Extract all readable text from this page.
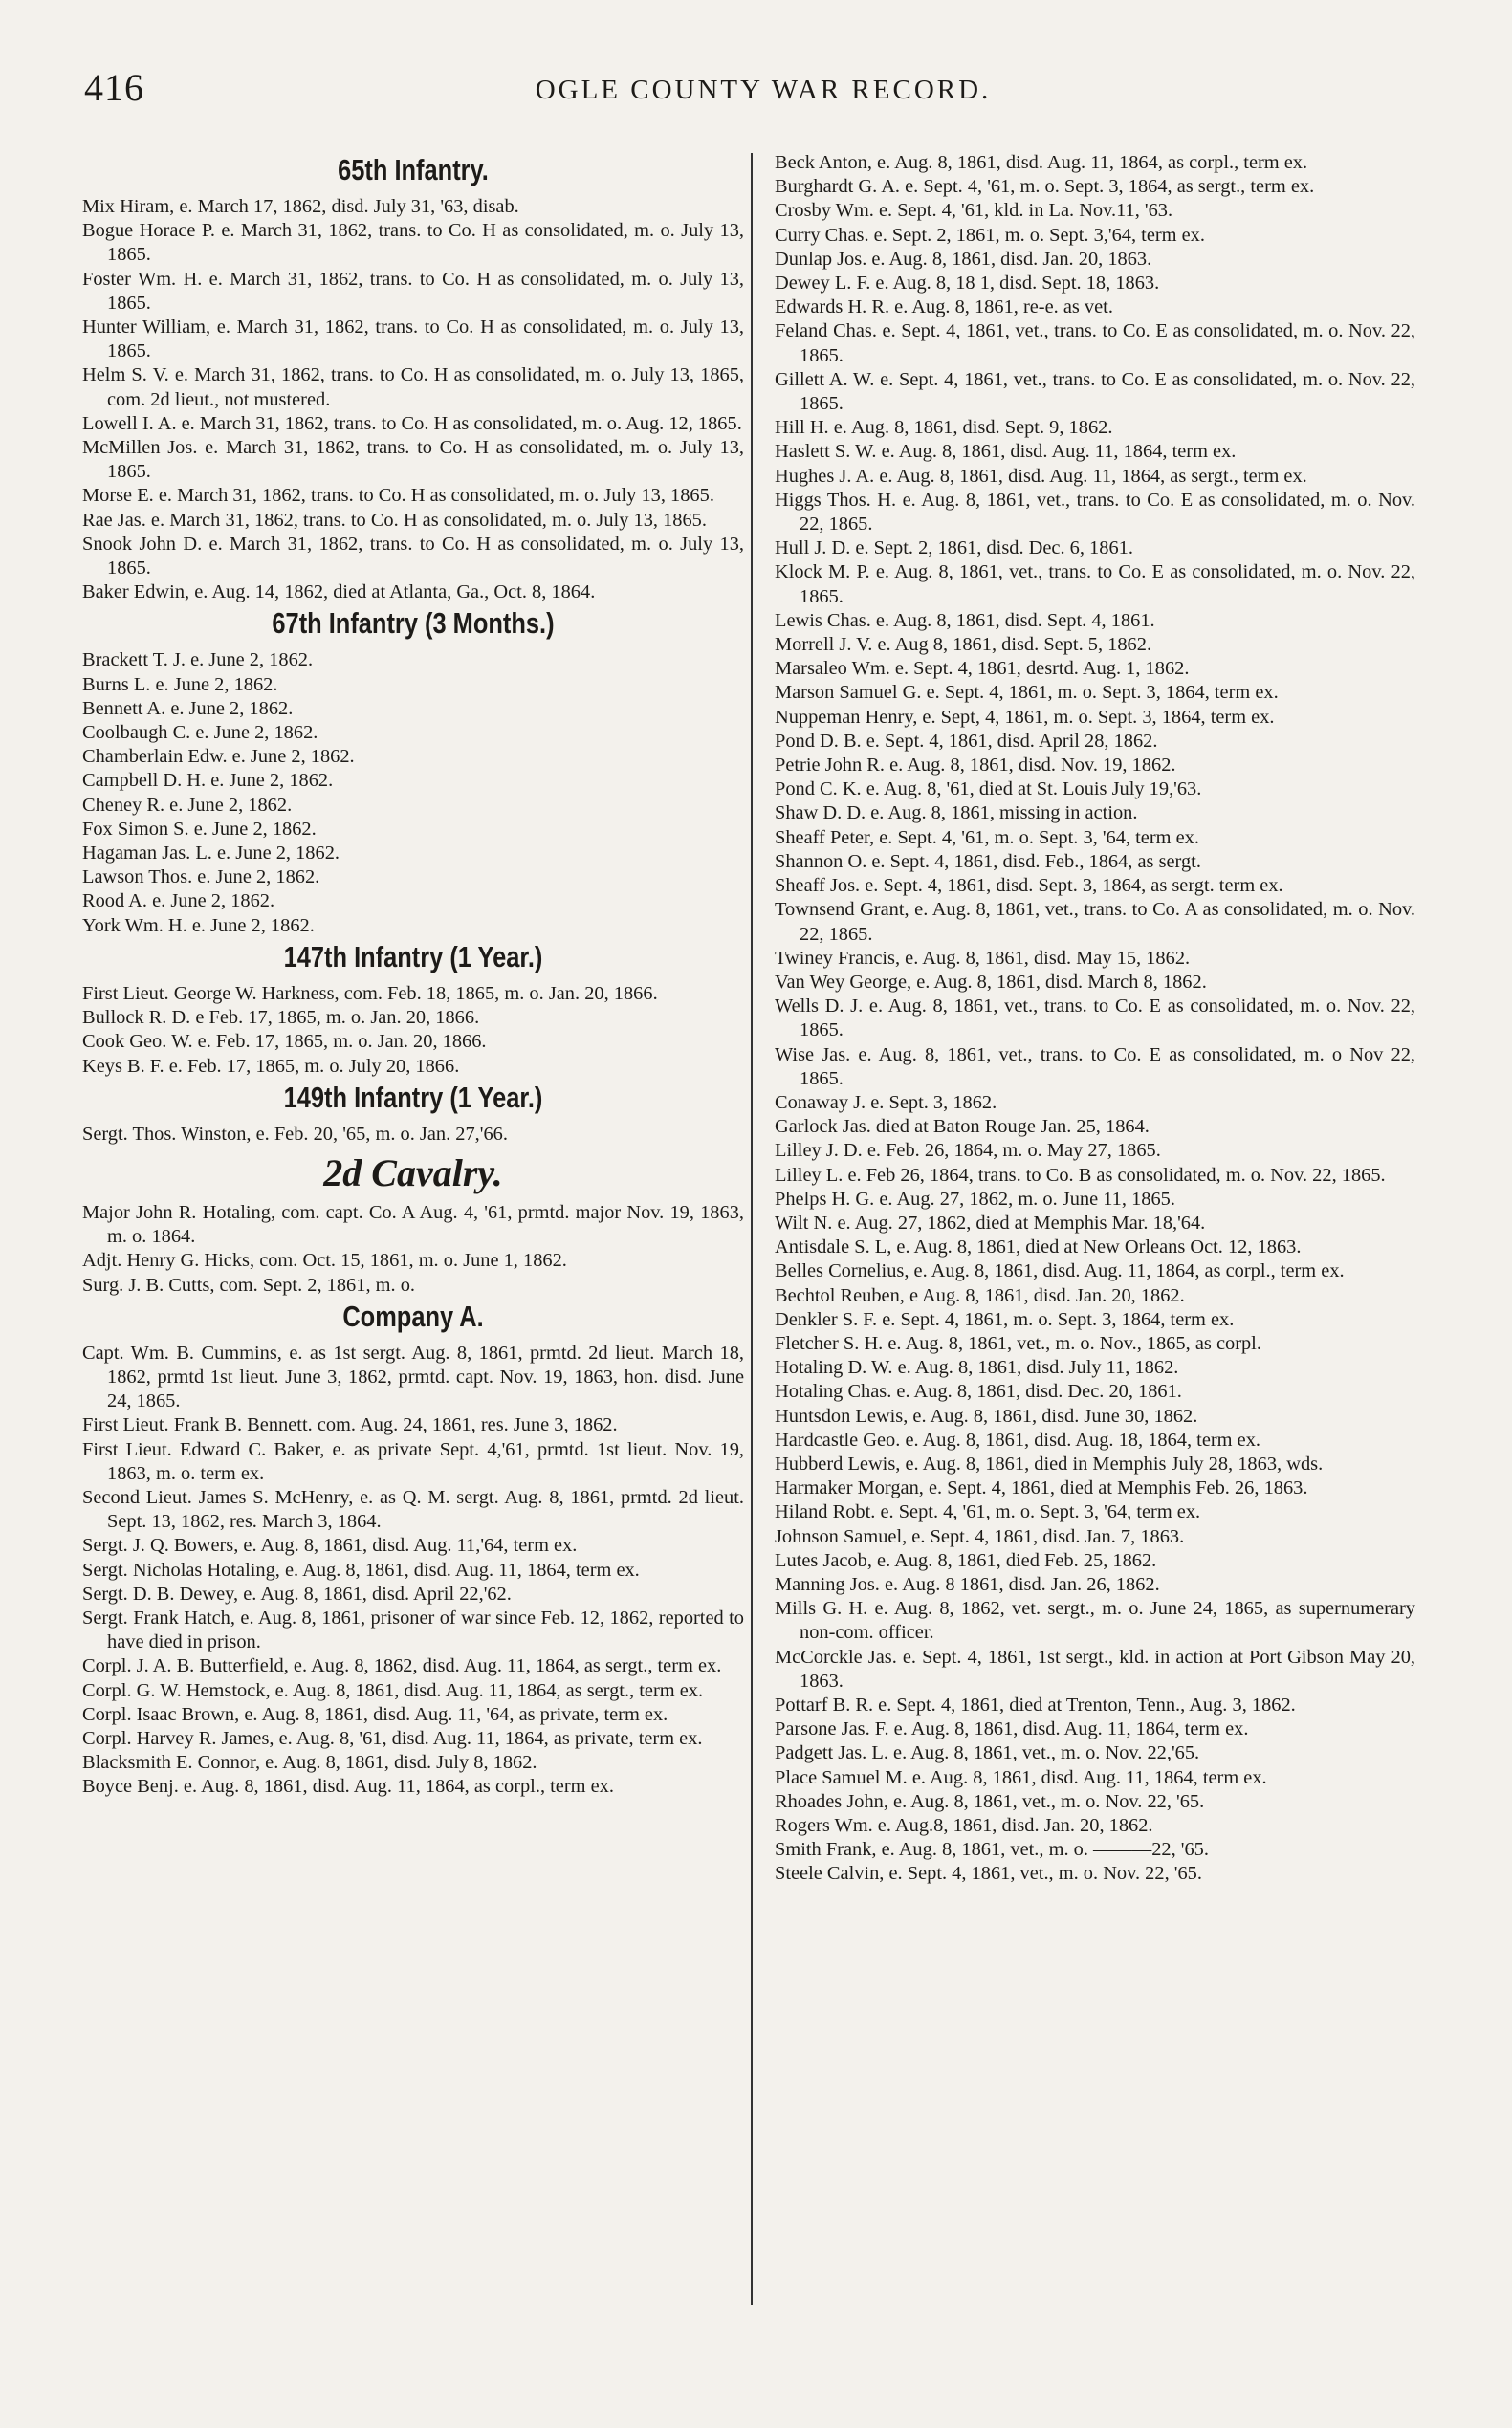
416	OGLE COUNTY WAR RECORD.
65th Infantry.

Mix Hiram, e. March 17, 1862, disd. July 31, '63, disab.

Bogue Horace P. e. March 31, 1862, trans. to Co. H as consolidated, m. o. July 13, 1865.

Foster Wm. H. e. March 31, 1862, trans. to Co. H as consolidated, m. o. July 13, 1865.

Hunter William, e. March 31, 1862, trans. to Co. H as consolidated, m. o. July 13, 1865.

Helm S. V. e. March 31, 1862, trans. to Co. H as consolidated, m. o. July 13, 1865, com. 2d lieut., not mustered.

Lowell I. A. e. March 31, 1862, trans. to Co. H as consolidated, m. o. Aug. 12, 1865.

McMillen Jos. e. March 31, 1862, trans. to Co. H as consolidated, m. o. July 13, 1865.

Morse E. e. March 31, 1862, trans. to Co. H as consolidated, m. o. July 13, 1865.

Rae Jas. e. March 31, 1862, trans. to Co. H as consolidated, m. o. July 13, 1865.

Snook John D. e. March 31, 1862, trans. to Co. H as consolidated, m. o. July 13, 1865.

Baker Edwin, e. Aug. 14, 1862, died at Atlanta, Ga., Oct. 8, 1864.

67th Infantry (3 Months.)

Brackett T. J. e. June 2, 1862.

Burns L. e. June 2, 1862.

Bennett A. e. June 2, 1862.

Coolbaugh C. e. June 2, 1862.

Chamberlain Edw. e. June 2, 1862.

Campbell D. H. e. June 2, 1862.

Cheney R. e. June 2, 1862.

Fox Simon S. e. June 2, 1862.

Hagaman Jas. L. e. June 2, 1862.

Lawson Thos. e. June 2, 1862.

Rood A. e. June 2, 1862.

York Wm. H. e. June 2, 1862.

147th Infantry (1 Year.)

First Lieut. George W. Harkness, com. Feb. 18, 1865, m. o. Jan. 20, 1866.

Bullock R. D. e Feb. 17, 1865, m. o. Jan. 20, 1866.

Cook Geo. W. e. Feb. 17, 1865, m. o. Jan. 20, 1866.

Keys B. F. e. Feb. 17, 1865, m. o. July 20, 1866.

149th Infantry (1 Year.)

Sergt. Thos. Winston, e. Feb. 20, '65, m. o. Jan. 27,'66.

2d Cavalry.

Major John R. Hotaling, com. capt. Co. A Aug. 4, '61, prmtd. major Nov. 19, 1863, m. o. 1864.

Adjt. Henry G. Hicks, com. Oct. 15, 1861, m. o. June 1, 1862.

Surg. J. B. Cutts, com. Sept. 2, 1861, m. o.

Company A.

Capt. Wm. B. Cummins, e. as 1st sergt. Aug. 8, 1861, prmtd. 2d lieut. March 18, 1862, prmtd 1st lieut. June 3, 1862, prmtd. capt. Nov. 19, 1863, hon. disd. June 24, 1865.

First Lieut. Frank B. Bennett. com. Aug. 24, 1861, res. June 3, 1862.

First Lieut. Edward C. Baker, e. as private Sept. 4,'61, prmtd. 1st lieut. Nov. 19, 1863, m. o. term ex.

Second Lieut. James S. McHenry, e. as Q. M. sergt. Aug. 8, 1861, prmtd. 2d lieut. Sept. 13, 1862, res. March 3, 1864.

Sergt. J. Q. Bowers, e. Aug. 8, 1861, disd. Aug. 11,'64, term ex.

Sergt. Nicholas Hotaling, e. Aug. 8, 1861, disd. Aug. 11, 1864, term ex.

Sergt. D. B. Dewey, e. Aug. 8, 1861, disd. April 22,'62.

Sergt. Frank Hatch, e. Aug. 8, 1861, prisoner of war since Feb. 12, 1862, reported to have died in prison.

Corpl. J. A. B. Butterfield, e. Aug. 8, 1862, disd. Aug. 11, 1864, as sergt., term ex.

Corpl. G. W. Hemstock, e. Aug. 8, 1861, disd. Aug. 11, 1864, as sergt., term ex.

Corpl. Isaac Brown, e. Aug. 8, 1861, disd. Aug. 11, '64, as private, term ex.

Corpl. Harvey R. James, e. Aug. 8, '61, disd. Aug. 11, 1864, as private, term ex.

Blacksmith E. Connor, e. Aug. 8, 1861, disd. July 8, 1862.

Boyce Benj. e. Aug. 8, 1861, disd. Aug. 11, 1864, as corpl., term ex.

Beck Anton, e. Aug. 8, 1861, disd. Aug. 11, 1864, as corpl., term ex.

Burghardt G. A. e. Sept. 4, '61, m. o. Sept. 3, 1864, as sergt., term ex.

Crosby Wm. e. Sept. 4, '61, kld. in La. Nov.11, '63.

Curry Chas. e. Sept. 2, 1861, m. o. Sept. 3,'64, term ex.

Dunlap Jos. e. Aug. 8, 1861, disd. Jan. 20, 1863.

Dewey L. F. e. Aug. 8, 18 1, disd. Sept. 18, 1863.

Edwards H. R. e. Aug. 8, 1861, re-e. as vet.

Feland Chas. e. Sept. 4, 1861, vet., trans. to Co. E as consolidated, m. o. Nov. 22, 1865.

Gillett A. W. e. Sept. 4, 1861, vet., trans. to Co. E as consolidated, m. o. Nov. 22, 1865.

Hill H. e. Aug. 8, 1861, disd. Sept. 9, 1862.

Haslett S. W. e. Aug. 8, 1861, disd. Aug. 11, 1864, term ex.

Hughes J. A. e. Aug. 8, 1861, disd. Aug. 11, 1864, as sergt., term ex.

Higgs Thos. H. e. Aug. 8, 1861, vet., trans. to Co. E as consolidated, m. o. Nov. 22, 1865.

Hull J. D. e. Sept. 2, 1861, disd. Dec. 6, 1861.

Klock M. P. e. Aug. 8, 1861, vet., trans. to Co. E as consolidated, m. o. Nov. 22, 1865.

Lewis Chas. e. Aug. 8, 1861, disd. Sept. 4, 1861.

Morrell J. V. e. Aug 8, 1861, disd. Sept. 5, 1862.

Marsaleo Wm. e. Sept. 4, 1861, desrtd. Aug. 1, 1862.

Marson Samuel G. e. Sept. 4, 1861, m. o. Sept. 3, 1864, term ex.

Nuppeman Henry, e. Sept, 4, 1861, m. o. Sept. 3, 1864, term ex.

Pond D. B. e. Sept. 4, 1861, disd. April 28, 1862.

Petrie John R. e. Aug. 8, 1861, disd. Nov. 19, 1862.

Pond C. K. e. Aug. 8, '61, died at St. Louis July 19,'63.

Shaw D. D. e. Aug. 8, 1861, missing in action.

Sheaff Peter, e. Sept. 4, '61, m. o. Sept. 3, '64, term ex.

Shannon O. e. Sept. 4, 1861, disd. Feb., 1864, as sergt.

Sheaff Jos. e. Sept. 4, 1861, disd. Sept. 3, 1864, as sergt. term ex.

Townsend Grant, e. Aug. 8, 1861, vet., trans. to Co. A as consolidated, m. o. Nov. 22, 1865.

Twiney Francis, e. Aug. 8, 1861, disd. May 15, 1862.

Van Wey George, e. Aug. 8, 1861, disd. March 8, 1862.

Wells D. J. e. Aug. 8, 1861, vet., trans. to Co. E as consolidated, m. o. Nov. 22, 1865.

Wise Jas. e. Aug. 8, 1861, vet., trans. to Co. E as consolidated, m. o Nov 22, 1865.

Conaway J. e. Sept. 3, 1862.

Garlock Jas. died at Baton Rouge Jan. 25, 1864.

Lilley J. D. e. Feb. 26, 1864, m. o. May 27, 1865.

Lilley L. e. Feb 26, 1864, trans. to Co. B as consolidated, m. o. Nov. 22, 1865.

Phelps H. G. e. Aug. 27, 1862, m. o. June 11, 1865.

Wilt N. e. Aug. 27, 1862, died at Memphis Mar. 18,'64.

Antisdale S. L, e. Aug. 8, 1861, died at New Orleans Oct. 12, 1863.

Belles Cornelius, e. Aug. 8, 1861, disd. Aug. 11, 1864, as corpl., term ex.

Bechtol Reuben, e Aug. 8, 1861, disd. Jan. 20, 1862.

Denkler S. F. e. Sept. 4, 1861, m. o. Sept. 3, 1864, term ex.

Fletcher S. H. e. Aug. 8, 1861, vet., m. o. Nov., 1865, as corpl.

Hotaling D. W. e. Aug. 8, 1861, disd. July 11, 1862.

Hotaling Chas. e. Aug. 8, 1861, disd. Dec. 20, 1861.

Huntsdon Lewis, e. Aug. 8, 1861, disd. June 30, 1862.

Hardcastle Geo. e. Aug. 8, 1861, disd. Aug. 18, 1864, term ex.

Hubberd Lewis, e. Aug. 8, 1861, died in Memphis July 28, 1863, wds.

Harmaker Morgan, e. Sept. 4, 1861, died at Memphis Feb. 26, 1863.

Hiland Robt. e. Sept. 4, '61, m. o. Sept. 3, '64, term ex.

Johnson Samuel, e. Sept. 4, 1861, disd. Jan. 7, 1863.

Lutes Jacob, e. Aug. 8, 1861, died Feb. 25, 1862.

Manning Jos. e. Aug. 8 1861, disd. Jan. 26, 1862.

Mills G. H. e. Aug. 8, 1862, vet. sergt., m. o. June 24, 1865, as supernumerary non-com. officer.

McCorckle Jas. e. Sept. 4, 1861, 1st sergt., kld. in action at Port Gibson May 20, 1863.

Pottarf B. R. e. Sept. 4, 1861, died at Trenton, Tenn., Aug. 3, 1862.

Parsone Jas. F. e. Aug. 8, 1861, disd. Aug. 11, 1864, term ex.

Padgett Jas. L. e. Aug. 8, 1861, vet., m. o. Nov. 22,'65.

Place Samuel M. e. Aug. 8, 1861, disd. Aug. 11, 1864, term ex.

Rhoades John, e. Aug. 8, 1861, vet., m. o. Nov. 22, '65.

Rogers Wm. e. Aug.8, 1861, disd. Jan. 20, 1862.

Smith Frank, e. Aug. 8, 1861, vet., m. o. ———22, '65.

Steele Calvin, e. Sept. 4, 1861, vet., m. o. Nov. 22, '65.
